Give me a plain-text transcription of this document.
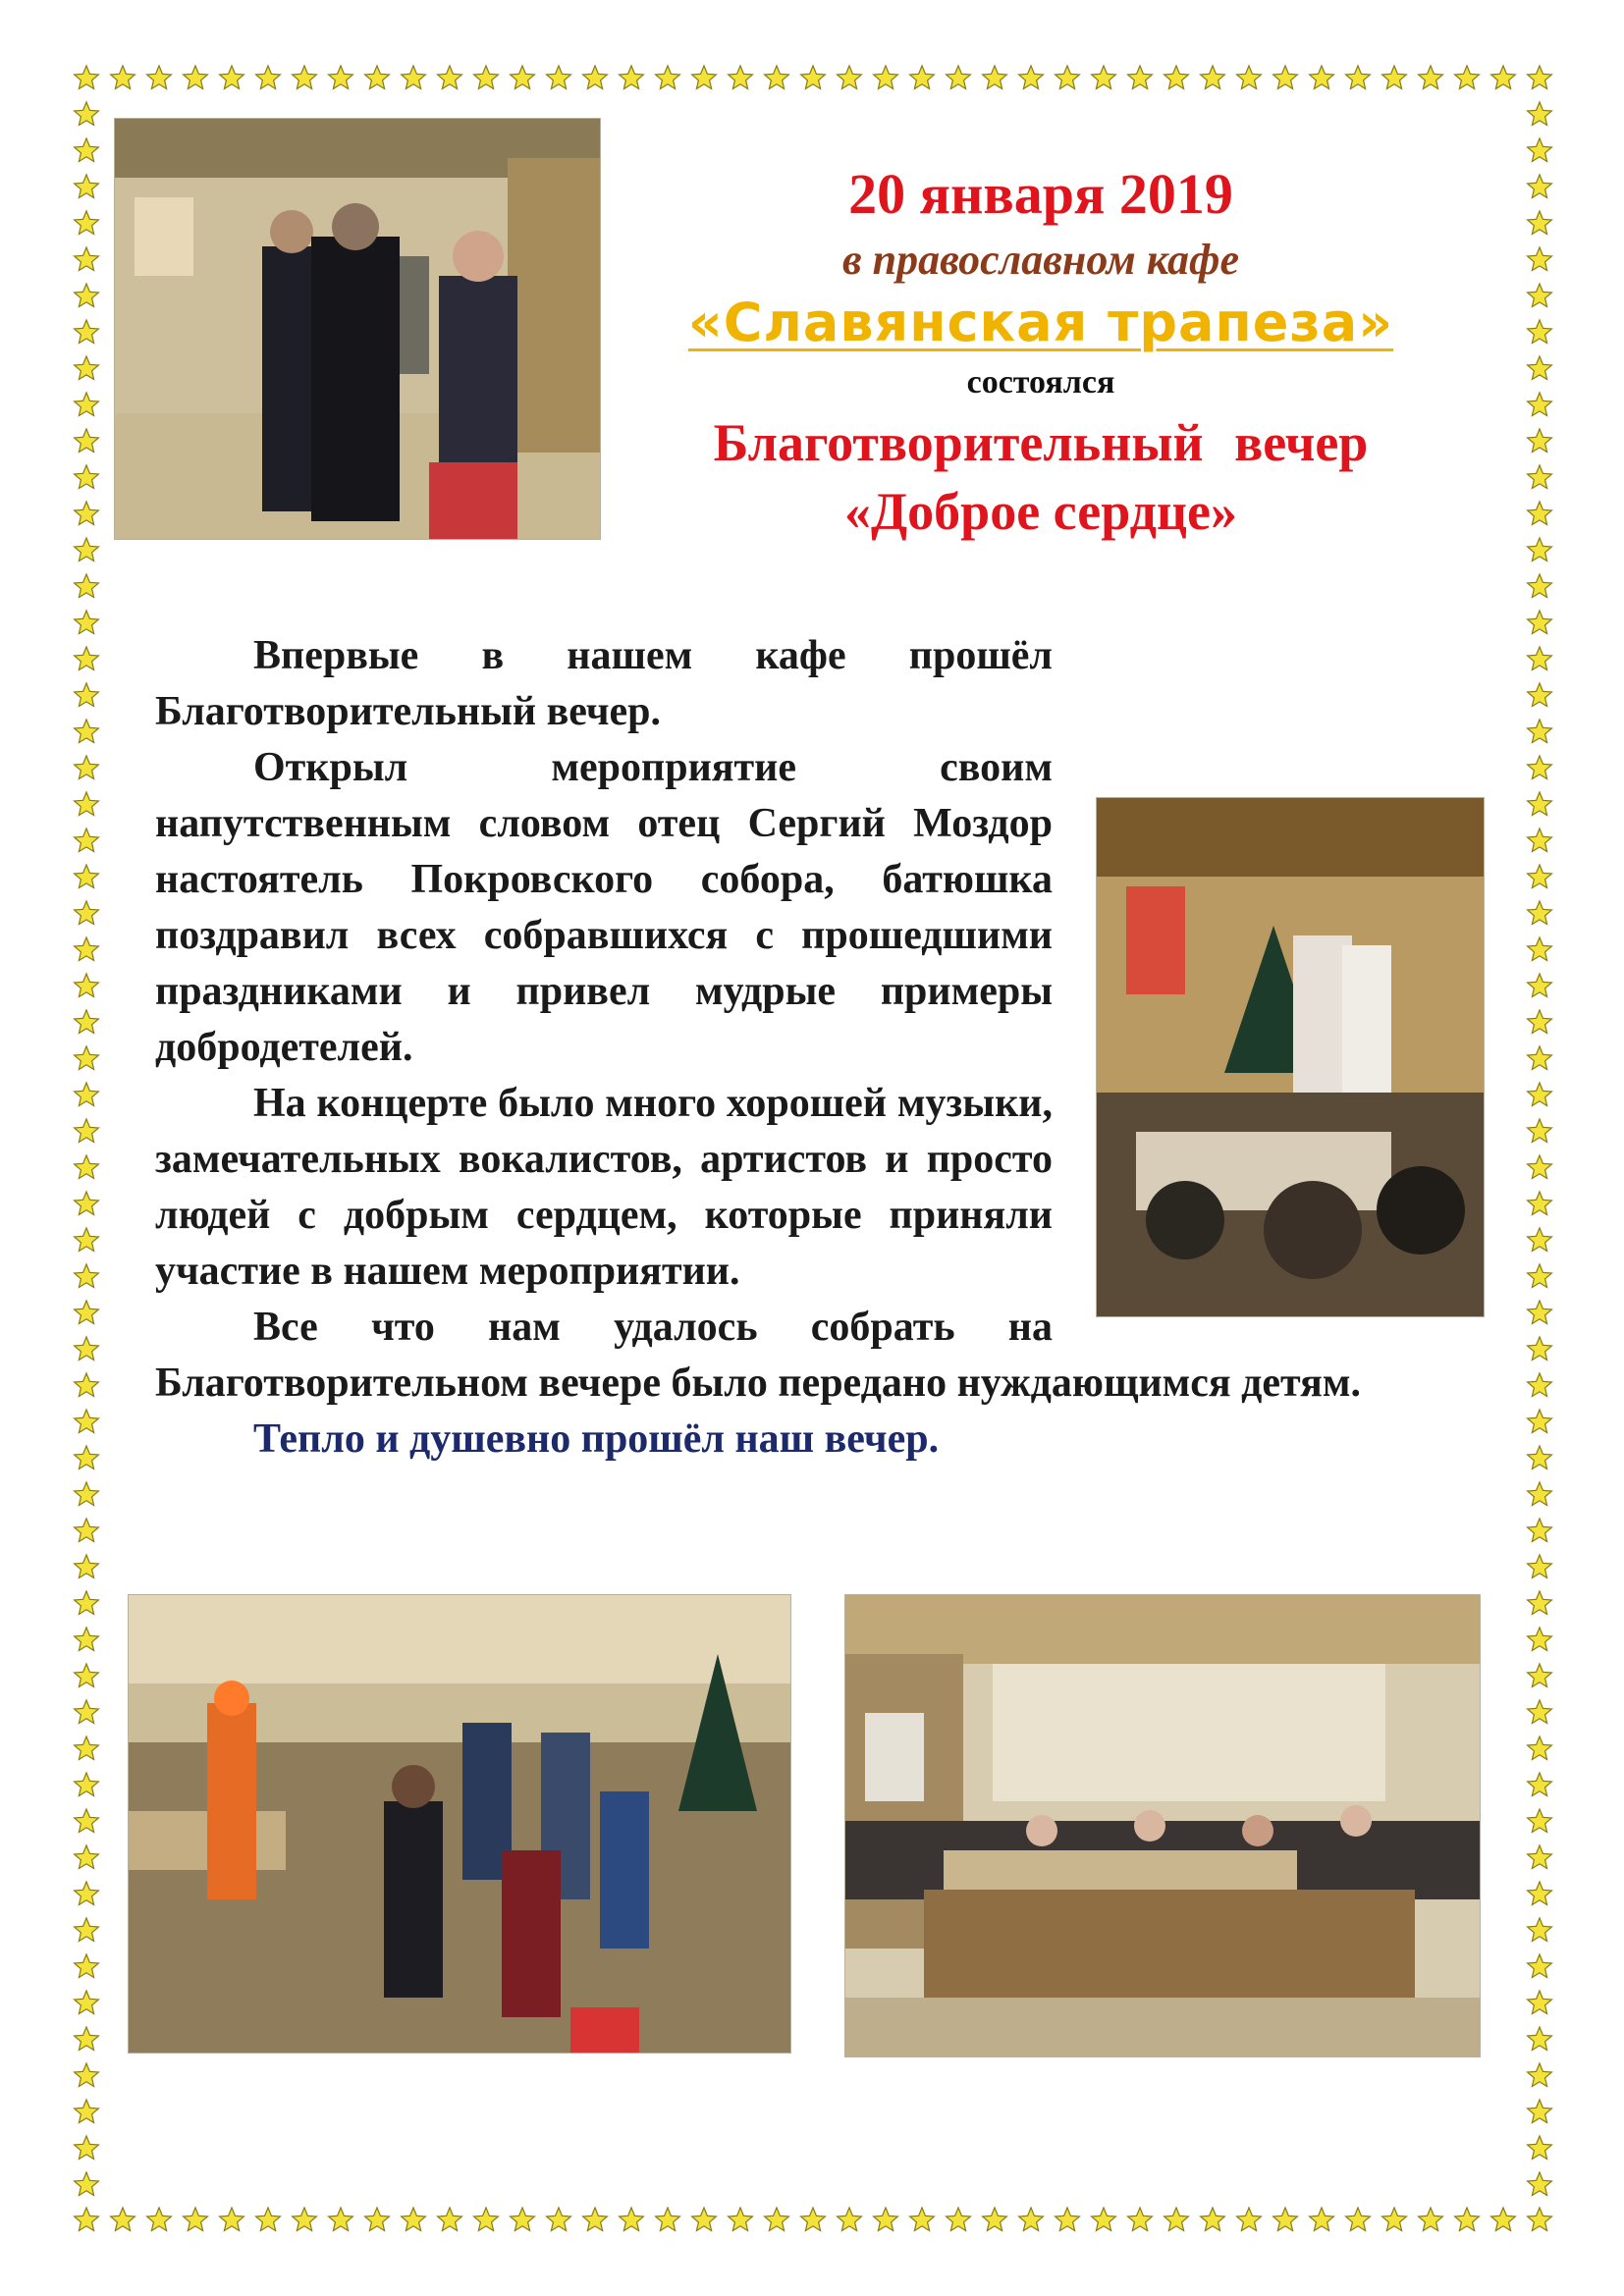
20 января 2019
в православном кафе
«Славянская трапеза»
состоялся
Благотворительный вечер
«Доброе сердце»

Впервые в нашем кафе прошёл Благотворительный вечер.

Открыл мероприятие своим напутственным словом отец Сергий Моздор настоятель Покровского собора, батюшка поздравил всех собравшихся с прошедшими праздниками и привел мудрые примеры добродетелей.

На концерте было много хорошей музыки, замечательных вокалистов, артистов и просто людей с добрым сердцем, которые приняли участие в нашем мероприятии.

Все что нам удалось собрать на Благотворительном вечере было передано нуждающимся детям.

Тепло и душевно прошёл наш вечер.
